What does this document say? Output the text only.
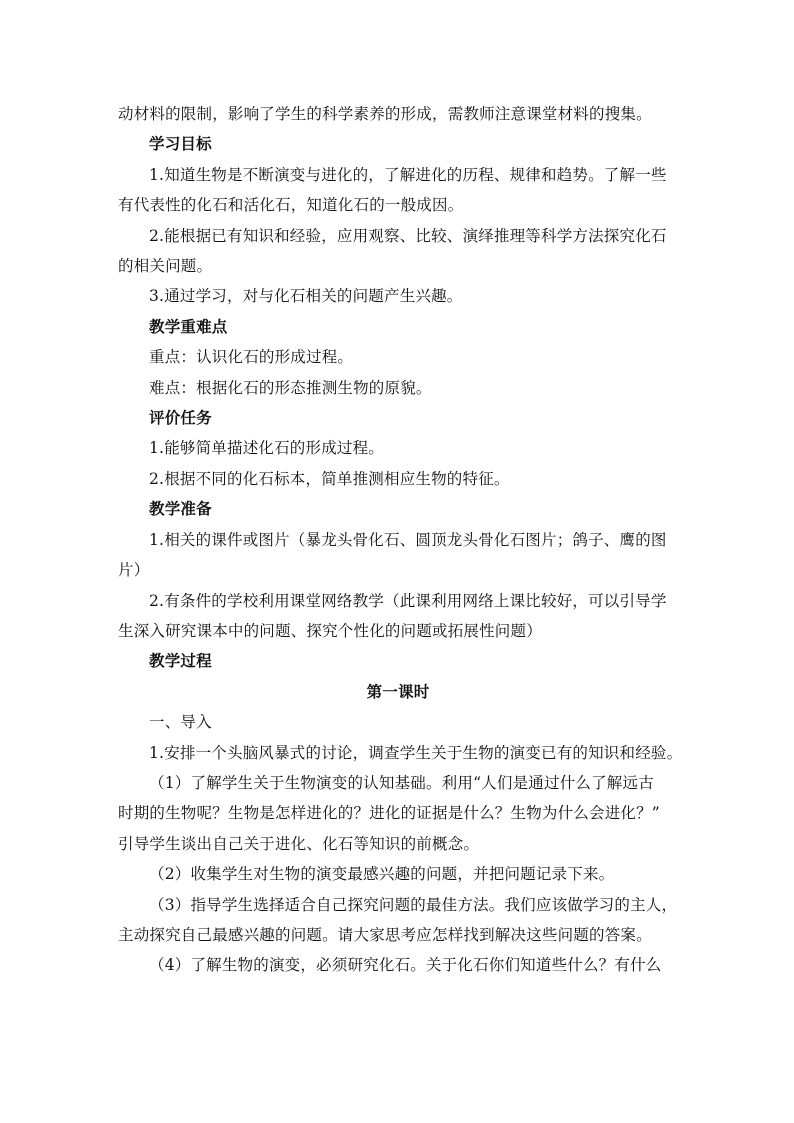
动材料的限制，影响了学生的科学素养的形成，需教师注意课堂材料的搜集。

学习目标

1.知道生物是不断演变与进化的，了解进化的历程、规律和趋势。了解一些

有代表性的化石和活化石，知道化石的一般成因。

2.能根据已有知识和经验，应用观察、比较、演绎推理等科学方法探究化石

的相关问题。

3.通过学习，对与化石相关的问题产生兴趣。

教学重难点

重点：认识化石的形成过程。

难点：根据化石的形态推测生物的原貌。

评价任务

1.能够简单描述化石的形成过程。

2.根据不同的化石标本，简单推测相应生物的特征。

教学准备

1.相关的课件或图片（暴龙头骨化石、圆顶龙头骨化石图片；鸽子、鹰的图

片）

2.有条件的学校利用课堂网络教学（此课利用网络上课比较好，可以引导学

生深入研究课本中的问题、探究个性化的问题或拓展性问题）

教学过程

第一课时

一、导入

1.安排一个头脑风暴式的讨论，调查学生关于生物的演变已有的知识和经验。

（1）了解学生关于生物演变的认知基础。利用“人们是通过什么了解远古

时期的生物呢？生物是怎样进化的？进化的证据是什么？生物为什么会进化？”

引导学生谈出自己关于进化、化石等知识的前概念。

（2）收集学生对生物的演变最感兴趣的问题，并把问题记录下来。

（3）指导学生选择适合自己探究问题的最佳方法。我们应该做学习的主人，

主动探究自己最感兴趣的问题。请大家思考应怎样找到解决这些问题的答案。

（4）了解生物的演变，必须研究化石。关于化石你们知道些什么？有什么
